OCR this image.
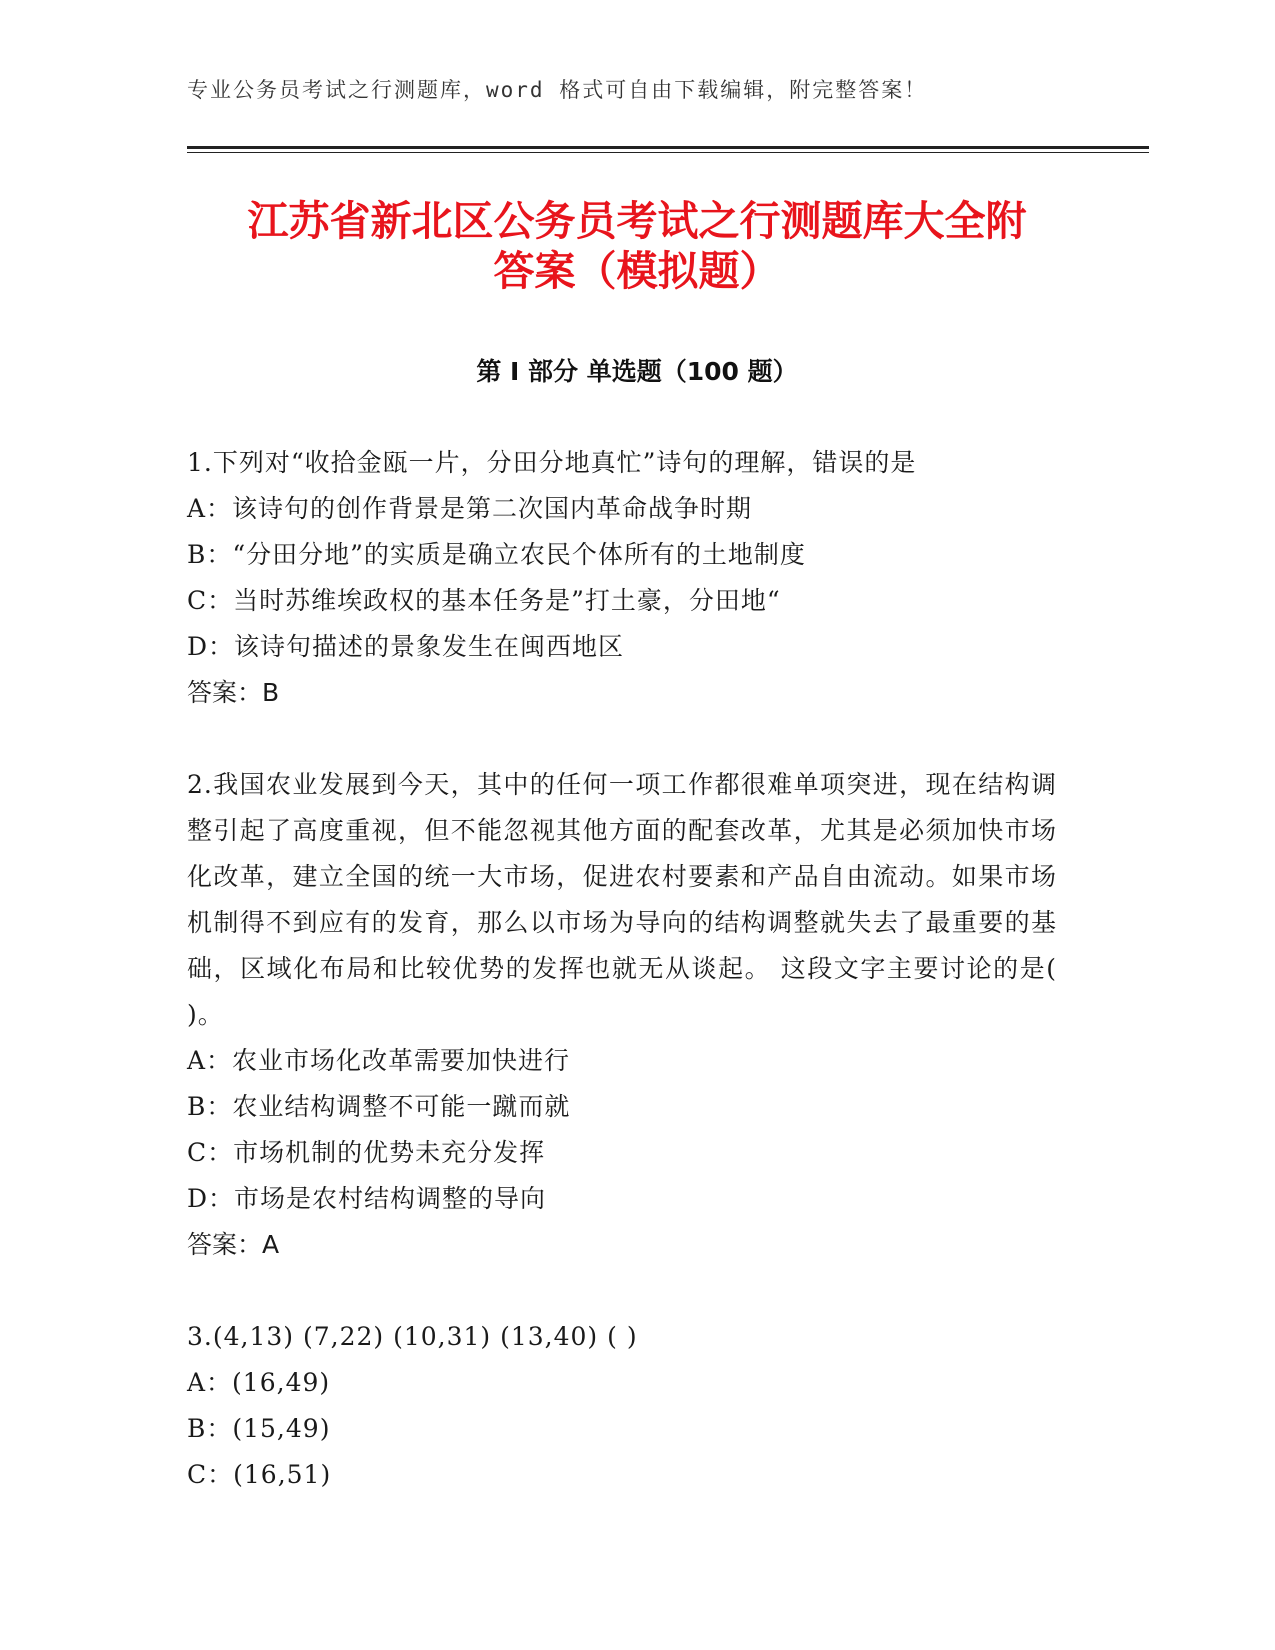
专业公务员考试之行测题库，word 格式可自由下载编辑，附完整答案！
江苏省新北区公务员考试之行测题库大全附
答案（模拟题）
第 I 部分 单选题（100 题）

1.下列对“收拾金瓯一片，分田分地真忙”诗句的理解，错误的是

A：该诗句的创作背景是第二次国内革命战争时期

B：“分田分地”的实质是确立农民个体所有的土地制度

C：当时苏维埃政权的基本任务是”打土豪，分田地“

D：该诗句描述的景象发生在闽西地区

答案：B

2.我国农业发展到今天，其中的任何一项工作都很难单项突进，现在结构调整引起了高度重视，但不能忽视其他方面的配套改革，尤其是必须加快市场化改革，建立全国的统一大市场，促进农村要素和产品自由流动。如果市场机制得不到应有的发育，那么以市场为导向的结构调整就失去了最重要的基础，区域化布局和比较优势的发挥也就无从谈起。 这段文字主要讨论的是( )。

A：农业市场化改革需要加快进行

B：农业结构调整不可能一蹴而就

C：市场机制的优势未充分发挥

D：市场是农村结构调整的导向

答案：A

3.(4,13) (7,22) (10,31) (13,40) ( )

A：(16,49)

B：(15,49)

C：(16,51)
